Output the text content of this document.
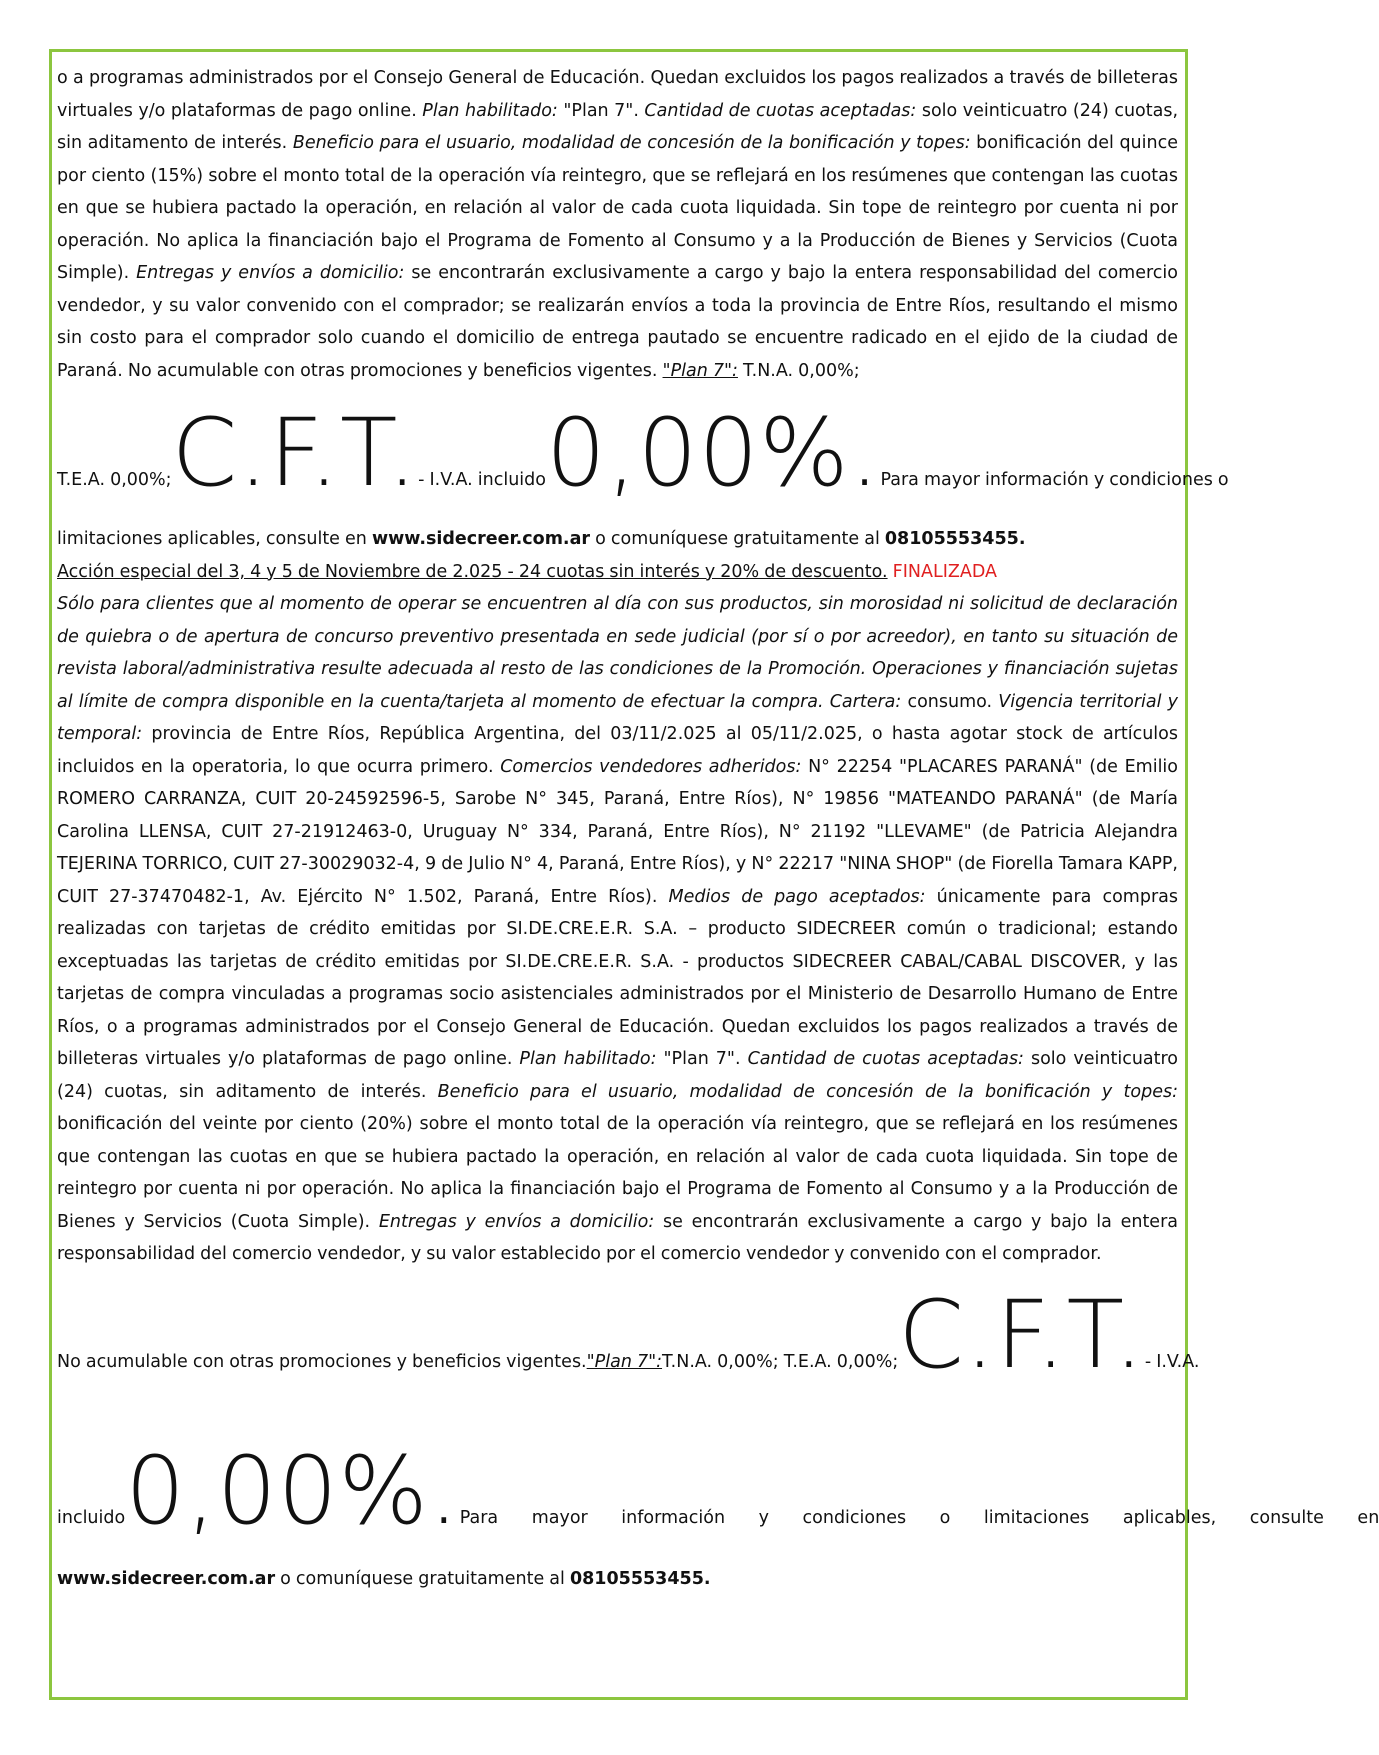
o a programas administrados por el Consejo General de Educación. Quedan excluidos los pagos realizados a través de billeteras virtuales y/o plataformas de pago online. Plan habilitado: "Plan 7". Cantidad de cuotas aceptadas: solo veinticuatro (24) cuotas, sin aditamento de interés. Beneficio para el usuario, modalidad de concesión de la bonificación y topes: bonificación del quince por ciento (15%) sobre el monto total de la operación vía reintegro, que se reflejará en los resúmenes que contengan las cuotas en que se hubiera pactado la operación, en relación al valor de cada cuota liquidada. Sin tope de reintegro por cuenta ni por operación. No aplica la financiación bajo el Programa de Fomento al Consumo y a la Producción de Bienes y Servicios (Cuota Simple). Entregas y envíos a domicilio: se encontrarán exclusivamente a cargo y bajo la entera responsabilidad del comercio vendedor, y su valor convenido con el comprador; se realizarán envíos a toda la provincia de Entre Ríos, resultando el mismo sin costo para el comprador solo cuando el domicilio de entrega pautado se encuentre radicado en el ejido de la ciudad de Paraná. No acumulable con otras promociones y beneficios vigentes. "Plan 7": T.N.A. 0,00%;

T.E.A. 0,00%; C.F.T. - I.V.A. incluido 0,00%. Para mayor información y condiciones o

limitaciones aplicables, consulte en www.sidecreer.com.ar o comuníquese gratuitamente al 08105553455.

Acción especial del 3, 4 y 5 de Noviembre de 2.025 - 24 cuotas sin interés y 20% de descuento. FINALIZADA

Sólo para clientes que al momento de operar se encuentren al día con sus productos, sin morosidad ni solicitud de declaración de quiebra o de apertura de concurso preventivo presentada en sede judicial (por sí o por acreedor), en tanto su situación de revista laboral/administrativa resulte adecuada al resto de las condiciones de la Promoción. Operaciones y financiación sujetas al límite de compra disponible en la cuenta/tarjeta al momento de efectuar la compra. Cartera: consumo. Vigencia territorial y temporal: provincia de Entre Ríos, República Argentina, del 03/11/2.025 al 05/11/2.025, o hasta agotar stock de artículos incluidos en la operatoria, lo que ocurra primero. Comercios vendedores adheridos: N° 22254 "PLACARES PARANÁ" (de Emilio ROMERO CARRANZA, CUIT 20-24592596-5, Sarobe N° 345, Paraná, Entre Ríos), N° 19856 "MATEANDO PARANÁ" (de María Carolina LLENSA, CUIT 27-21912463-0, Uruguay N° 334, Paraná, Entre Ríos), N° 21192 "LLEVAME" (de Patricia Alejandra TEJERINA TORRICO, CUIT 27-30029032-4, 9 de Julio N° 4, Paraná, Entre Ríos), y N° 22217 "NINA SHOP" (de Fiorella Tamara KAPP, CUIT 27-37470482-1, Av. Ejército N° 1.502, Paraná, Entre Ríos). Medios de pago aceptados: únicamente para compras realizadas con tarjetas de crédito emitidas por SI.DE.CRE.E.R. S.A. – producto SIDECREER común o tradicional; estando exceptuadas las tarjetas de crédito emitidas por SI.DE.CRE.E.R. S.A. - productos SIDECREER CABAL/CABAL DISCOVER, y las tarjetas de compra vinculadas a programas socio asistenciales administrados por el Ministerio de Desarrollo Humano de Entre Ríos, o a programas administrados por el Consejo General de Educación. Quedan excluidos los pagos realizados a través de billeteras virtuales y/o plataformas de pago online. Plan habilitado: "Plan 7". Cantidad de cuotas aceptadas: solo veinticuatro (24) cuotas, sin aditamento de interés. Beneficio para el usuario, modalidad de concesión de la bonificación y topes: bonificación del veinte por ciento (20%) sobre el monto total de la operación vía reintegro, que se reflejará en los resúmenes que contengan las cuotas en que se hubiera pactado la operación, en relación al valor de cada cuota liquidada. Sin tope de reintegro por cuenta ni por operación. No aplica la financiación bajo el Programa de Fomento al Consumo y a la Producción de Bienes y Servicios (Cuota Simple). Entregas y envíos a domicilio: se encontrarán exclusivamente a cargo y bajo la entera responsabilidad del comercio vendedor, y su valor establecido por el comercio vendedor y convenido con el comprador.

No acumulable con otras promociones y beneficios vigentes. "Plan 7": T.N.A. 0,00%; T.E.A. 0,00%; C.F.T. - I.V.A.
incluido 0,00%. Para mayor información y condiciones o limitaciones aplicables, consulte en

www.sidecreer.com.ar o comuníquese gratuitamente al 08105553455.
